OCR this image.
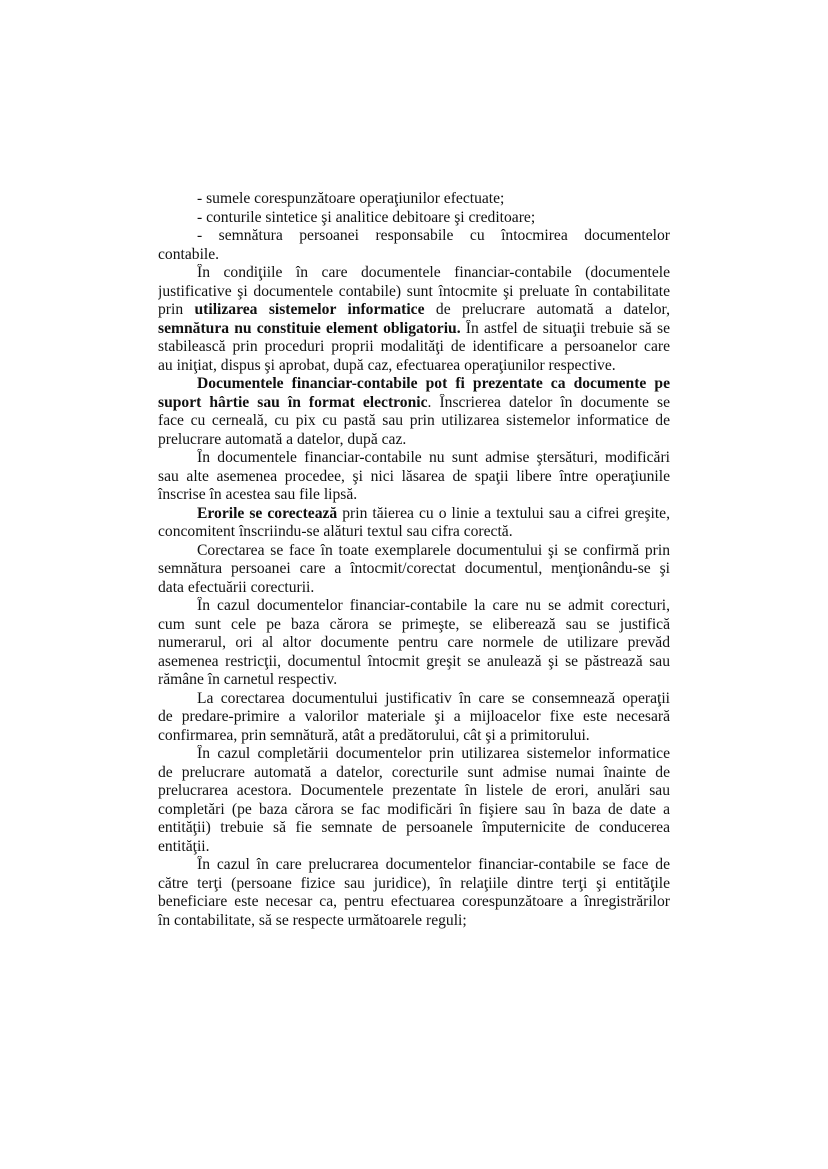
- sumele corespunzătoare operaţiunilor efectuate;
- conturile sintetice şi analitice debitoare şi creditoare;
- semnătura persoanei responsabile cu întocmirea documentelor
contabile.
În condiţiile în care documentele financiar-contabile (documentele
justificative şi documentele contabile) sunt întocmite şi preluate în contabilitate
prin utilizarea sistemelor informatice de prelucrare automată a datelor,
semnătura nu constituie element obligatoriu. În astfel de situaţii trebuie să se
stabilească prin proceduri proprii modalităţi de identificare a persoanelor care
au iniţiat, dispus şi aprobat, după caz, efectuarea operaţiunilor respective.
Documentele financiar-contabile pot fi prezentate ca documente pe
suport hârtie sau în format electronic. Înscrierea datelor în documente se
face cu cerneală, cu pix cu pastă sau prin utilizarea sistemelor informatice de
prelucrare automată a datelor, după caz.
În documentele financiar-contabile nu sunt admise ştersături, modificări
sau alte asemenea procedee, şi nici lăsarea de spaţii libere între operaţiunile
înscrise în acestea sau file lipsă.
Erorile se corectează prin tăierea cu o linie a textului sau a cifrei greşite,
concomitent înscriindu-se alături textul sau cifra corectă.
Corectarea se face în toate exemplarele documentului şi se confirmă prin
semnătura persoanei care a întocmit/corectat documentul, menţionându-se şi
data efectuării corecturii.
În cazul documentelor financiar-contabile la care nu se admit corecturi,
cum sunt cele pe baza cărora se primeşte, se eliberează sau se justifică
numerarul, ori al altor documente pentru care normele de utilizare prevăd
asemenea restricţii, documentul întocmit greşit se anulează şi se păstrează sau
rămâne în carnetul respectiv.
La corectarea documentului justificativ în care se consemnează operaţii
de predare-primire a valorilor materiale şi a mijloacelor fixe este necesară
confirmarea, prin semnătură, atât a predătorului, cât şi a primitorului.
În cazul completării documentelor prin utilizarea sistemelor informatice
de prelucrare automată a datelor, corecturile sunt admise numai înainte de
prelucrarea acestora. Documentele prezentate în listele de erori, anulări sau
completări (pe baza cărora se fac modificări în fişiere sau în baza de date a
entităţii) trebuie să fie semnate de persoanele împuternicite de conducerea
entităţii.
În cazul în care prelucrarea documentelor financiar-contabile se face de
către terţi (persoane fizice sau juridice), în relaţiile dintre terţi şi entităţile
beneficiare este necesar ca, pentru efectuarea corespunzătoare a înregistrărilor
în contabilitate, să se respecte următoarele reguli;
